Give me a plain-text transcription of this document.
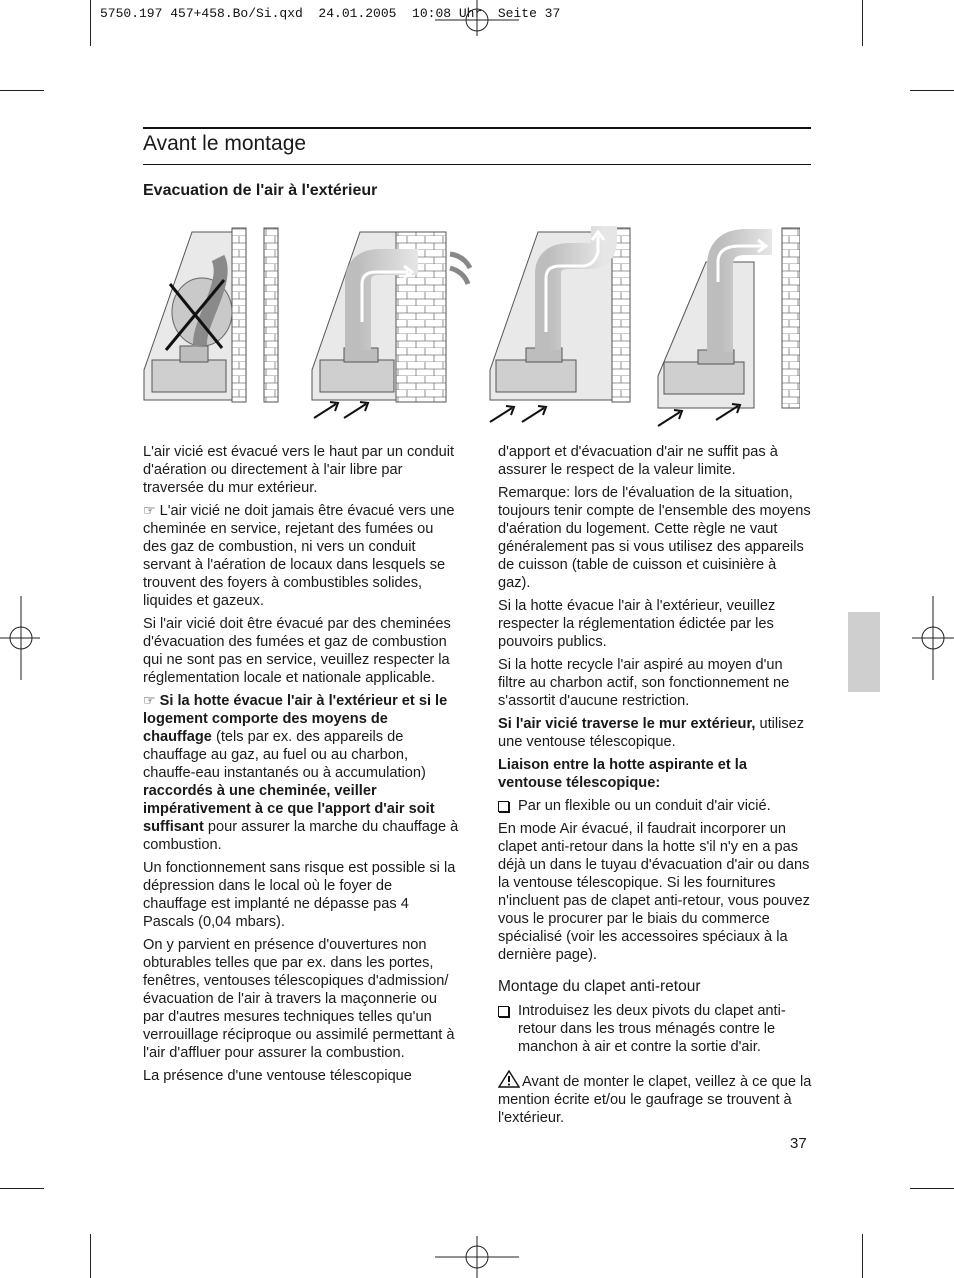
5750.197 457+458.Bo/Si.qxd  24.01.2005  10:08 Uhr  Seite 37
Avant le montage
Evacuation de l'air à l'extérieur

L'air vicié est évacué vers le haut par un conduit d'aération ou directement à l'air libre par traversée du mur extérieur.

☞ L'air vicié ne doit jamais être évacué vers une cheminée en service, rejetant des fumées ou des gaz de combustion, ni vers un conduit servant à l'aération de locaux dans lesquels se trouvent des foyers à combustibles solides, liquides et gazeux.

Si l'air vicié doit être évacué par des cheminées d'évacuation des fumées et gaz de combustion qui ne sont pas en service, veuillez respecter la réglementation locale et nationale applicable.

☞ Si la hotte évacue l'air à l'extérieur et si le logement comporte des moyens de chauffage (tels par ex. des appareils de chauffage au gaz, au fuel ou au charbon, chauffe-eau instantanés ou à accumulation) raccordés à une cheminée, veiller impérativement à ce que l'apport d'air soit suffisant pour assurer la marche du chauffage à combustion.

Un fonctionnement sans risque est possible si la dépression dans le local où le foyer de chauffage est implanté ne dépasse pas 4 Pascals (0,04 mbars).

On y parvient en présence d'ouvertures non obturables telles que par ex. dans les portes, fenêtres, ventouses télescopiques d'admission/évacuation de l'air à travers la maçonnerie ou par d'autres mesures techniques telles qu'un verrouillage réciproque ou assimilé permettant à l'air d'affluer pour assurer la combustion.

La présence d'une ventouse télescopique

d'apport et d'évacuation d'air ne suffit pas à assurer le respect de la valeur limite.

Remarque: lors de l'évaluation de la situation, toujours tenir compte de l'ensemble des moyens d'aération du logement. Cette règle ne vaut généralement pas si vous utilisez des appareils de cuisson (table de cuisson et cuisinière à gaz).

Si la hotte évacue l'air à l'extérieur, veuillez respecter la réglementation édictée par les pouvoirs publics.

Si la hotte recycle l'air aspiré au moyen d'un filtre au charbon actif, son fonctionnement ne s'assortit d'aucune restriction.

Si l'air vicié traverse le mur extérieur, utilisez une ventouse télescopique.

Liaison entre la hotte aspirante et la ventouse télescopique:

Par un flexible ou un conduit d'air vicié.

En mode Air évacué, il faudrait incorporer un clapet anti-retour dans la hotte s'il n'y en a pas déjà un dans le tuyau d'évacuation d'air ou dans la ventouse télescopique. Si les fournitures n'incluent pas de clapet anti-retour, vous pouvez vous le procurer par le biais du commerce spécialisé (voir les accessoires spéciaux à la dernière page).

Montage du clapet anti-retour

Introduisez les deux pivots du clapet anti-retour dans les trous ménagés contre le manchon à air et contre la sortie d'air.

Avant de monter le clapet, veillez à ce que la mention écrite et/ou le gaufrage se trouvent à l'extérieur.

37
